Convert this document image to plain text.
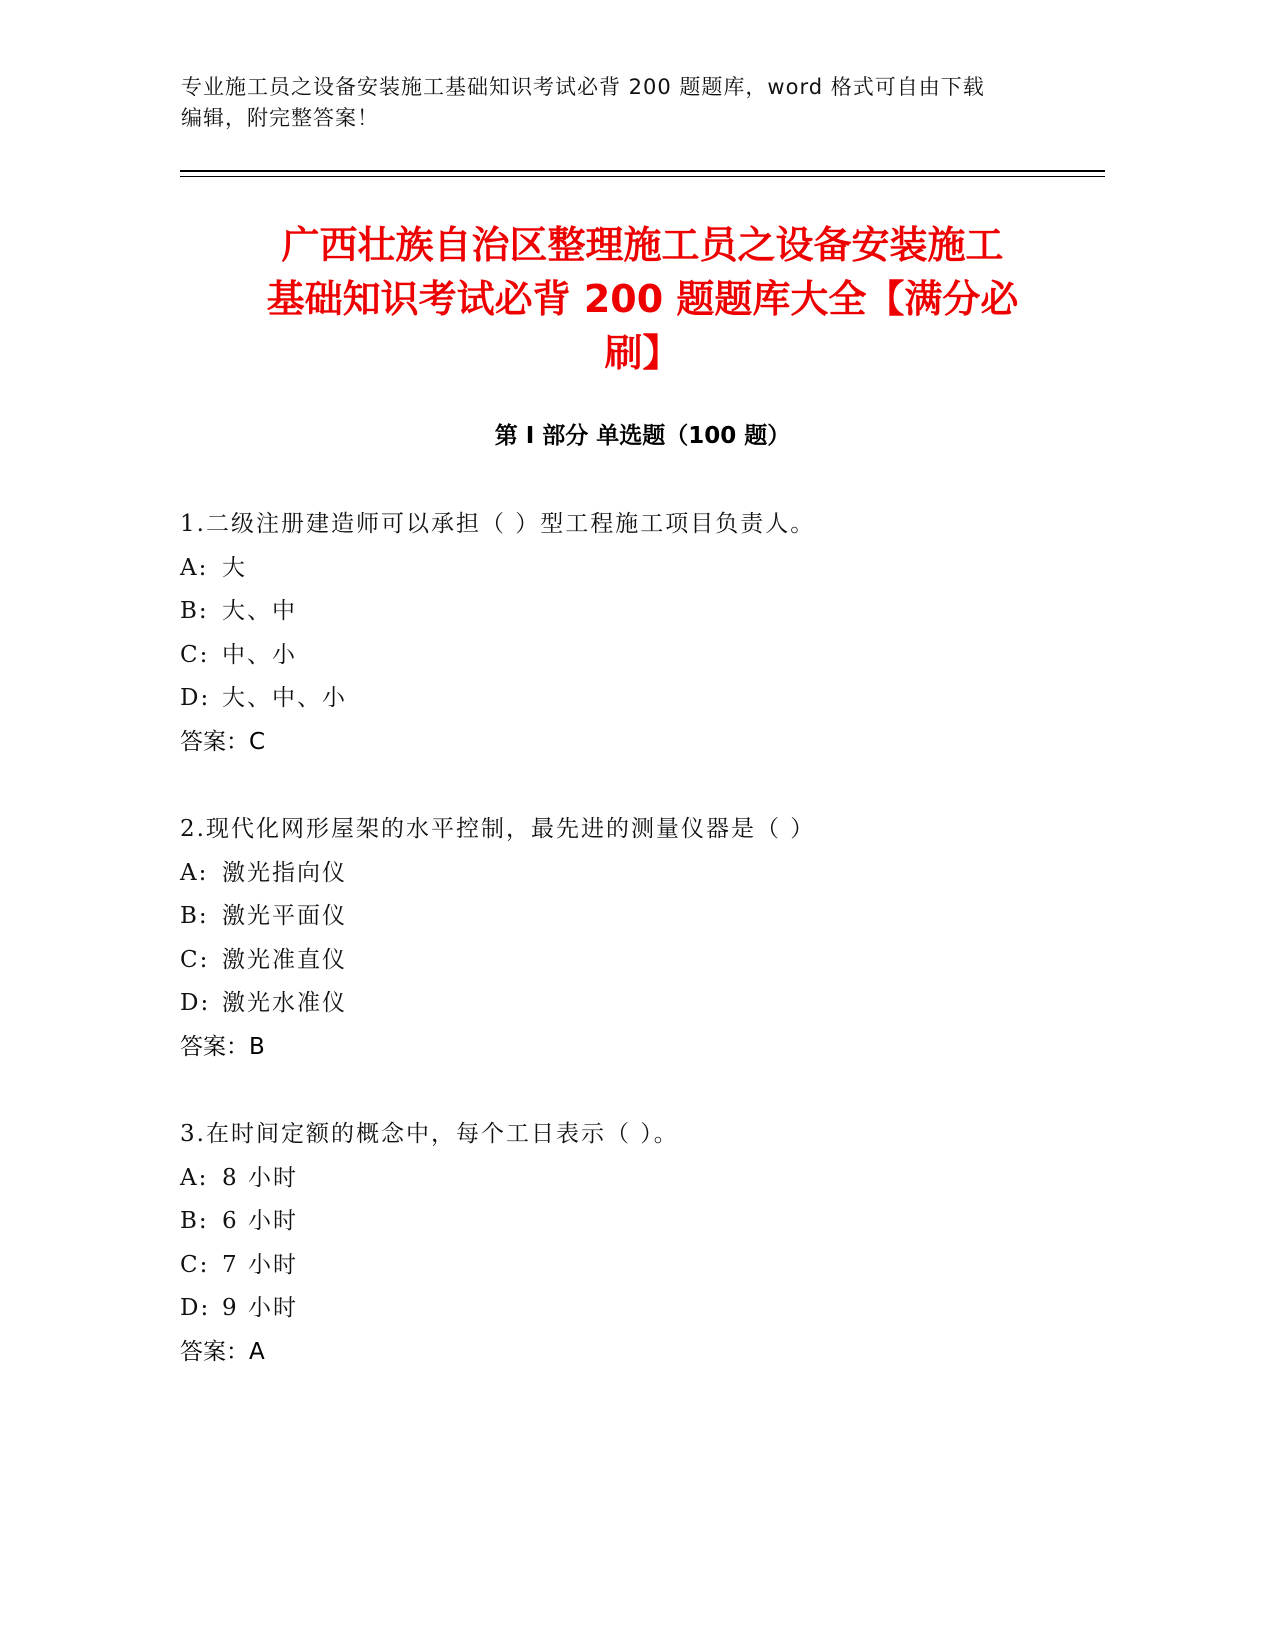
专业施工员之设备安装施工基础知识考试必背 200 题题库，word 格式可自由下载
编辑，附完整答案！
广西壮族自治区整理施工员之设备安装施工
基础知识考试必背 200 题题库大全【满分必
刷】
第 I 部分 单选题（100 题）
1.二级注册建造师可以承担（ ）型工程施工项目负责人。
A: 大
B: 大、中
C: 中、小
D: 大、中、小
答案：C
2.现代化网形屋架的水平控制，最先进的测量仪器是（ ）
A: 激光指向仪
B: 激光平面仪
C: 激光准直仪
D: 激光水准仪
答案：B
3.在时间定额的概念中，每个工日表示（ ）。
A: 8 小时
B: 6 小时
C: 7 小时
D: 9 小时
答案：A
